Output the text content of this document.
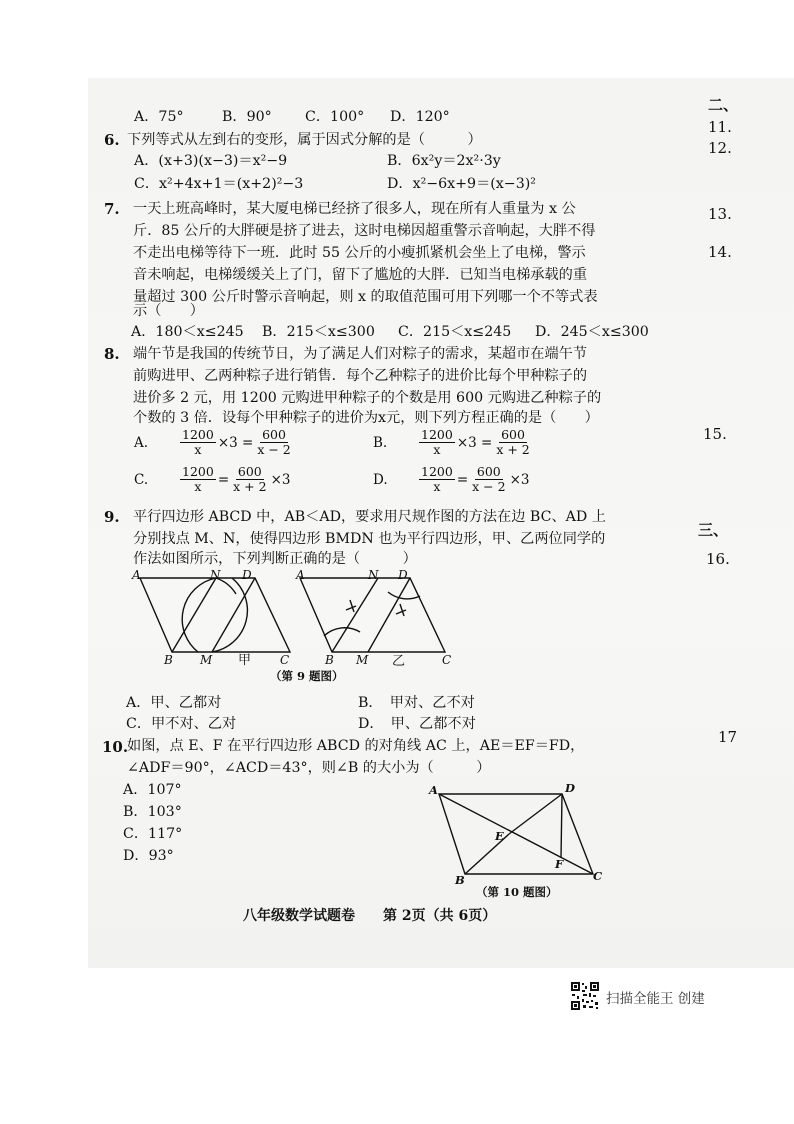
A．75°	B．90° C．100° D．120°
6. 下列等式从左到右的变形，属于因式分解的是（　　　）
A．(x+3)(x−3)＝x²−9	B．6x²y＝2x²·3y
C．x²+4x+1＝(x+2)²−3	D．x²−6x+9＝(x−3)²
7. 一天上班高峰时，某大厦电梯已经挤了很多人，现在所有人重量为 x 公
斤．85 公斤的大胖硬是挤了进去，这时电梯因超重警示音响起，大胖不得
不走出电梯等待下一班．此时 55 公斤的小瘦抓紧机会坐上了电梯，警示
音未响起，电梯缓缓关上了门，留下了尴尬的大胖．已知当电梯承载的重
量超过 300 公斤时警示音响起，则 x 的取值范围可用下列哪一个不等式表
示（　　）
A．180＜x≤245 B．215＜x≤300 C．215＜x≤245 D．245＜x≤300
8. 端午节是我国的传统节日，为了满足人们对粽子的需求，某超市在端午节
前购进甲、乙两种粽子进行销售．每个乙种粽子的进价比每个甲种粽子的
进价多 2 元，用 1200 元购进甲种粽子的个数是用 600 元购进乙种粽子的
个数的 3 倍．设每个甲种粽子的进价为x元，则下列方程正确的是（　　）
A.	$\frac{1200}{x} \times 3 = \frac{600}{x - 2}$	B.	$\frac{1200}{x} \times 3 = \frac{600}{x + 2}$
C.	$\frac{1200}{x} = \frac{600}{x + 2} \times 3$	D.	$\frac{1200}{x} = \frac{600}{x - 2} \times 3$
9. 平行四边形 ABCD 中，AB＜AD，要求用尺规作图的方法在边 BC、AD 上
分别找点 M、N，使得四边形 BMDN 也为平行四边形，甲、乙两位同学的
作法如图所示，下列判断正确的是（　　　）
A	N D
B M	C
A	N D
B M	C
甲	乙
（第 9 题图）
A．甲、乙都对	B．　甲对、乙不对
C．甲不对、乙对	D．　甲、乙都不对
10.
如图，点 E、F 在平行四边形 ABCD 的对角线 AC 上，AE＝EF＝FD，
∠ADF＝90°，∠ACD＝43°，则∠B 的大小为（　　　）
A．107°
B．103°
C．117°
D．93°
A	D
E
F
B	C
（第 10 题图）
二、
11.
12.
13.
14.
15.
三、
16.
17
八年级数学试题卷　　第 2页（共 6页）
扫描全能王 创建
